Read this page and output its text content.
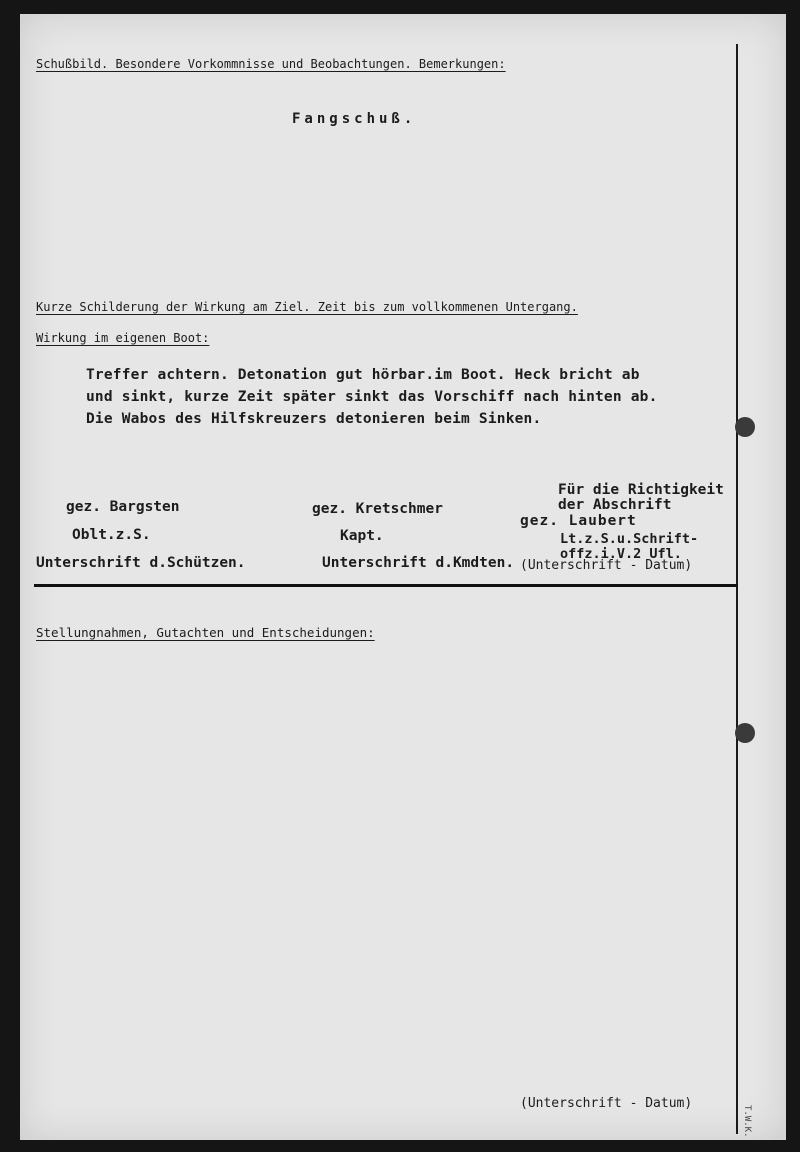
Schußbild. Besondere Vorkommnisse und Beobachtungen. Bemerkungen:
Fangschuß.
Kurze Schilderung der Wirkung am Ziel. Zeit bis zum vollkommenen Untergang.
Wirkung im eigenen Boot:
Treffer achtern. Detonation gut hörbar.im Boot. Heck bricht ab
und sinkt, kurze Zeit später sinkt das Vorschiff nach hinten ab.
Die Wabos des Hilfskreuzers detonieren beim Sinken.
gez. Bargsten
Oblt.z.S.
Unterschrift d.Schützen.
gez. Kretschmer
Kapt.
Unterschrift d.Kmdten.
Für die Richtigkeit
der Abschrift
gez. Laubert
Lt.z.S.u.Schrift-
offz.i.V.2 Ufl.
(Unterschrift - Datum)
Stellungnahmen, Gutachten und Entscheidungen:
(Unterschrift - Datum)
T.W.K.
